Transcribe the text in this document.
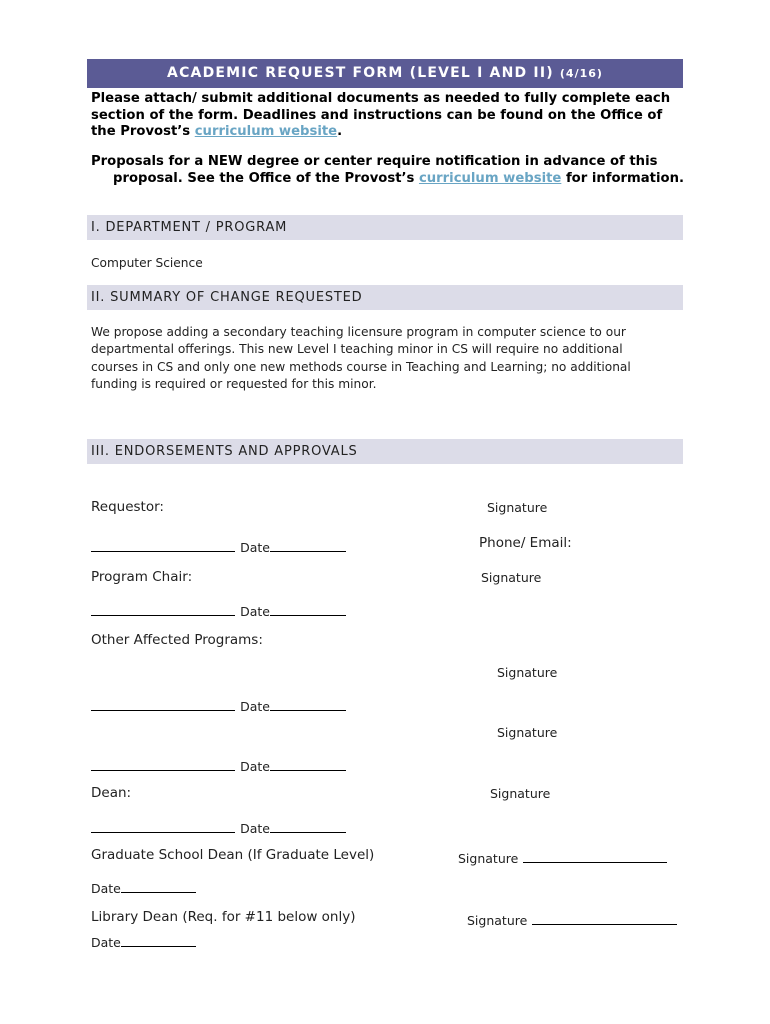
ACADEMIC REQUEST FORM (LEVEL I AND II) (4/16)
Please attach/ submit additional documents as needed to fully complete each section of the form. Deadlines and instructions can be found on the Office of the Provost’s curriculum website.
Proposals for a NEW degree or center require notification in advance of this proposal. See the Office of the Provost’s curriculum website for information.
I. DEPARTMENT / PROGRAM
Computer Science
II. SUMMARY OF CHANGE REQUESTED
We propose adding a secondary teaching licensure program in computer science to our departmental offerings. This new Level I teaching minor in CS will require no additional courses in CS and only one new methods course in Teaching and Learning; no additional funding is required or requested for this minor.
III. ENDORSEMENTS AND APPROVALS
Requestor:	Signature
Date	Phone/ Email:
Program Chair:	Signature
Date
Other Affected Programs:
Signature
Date
Signature
Date
Dean:	Signature
Date
Graduate School Dean (If Graduate Level)	Signature
Date
Library Dean (Req. for #11 below only)	Signature
Date
